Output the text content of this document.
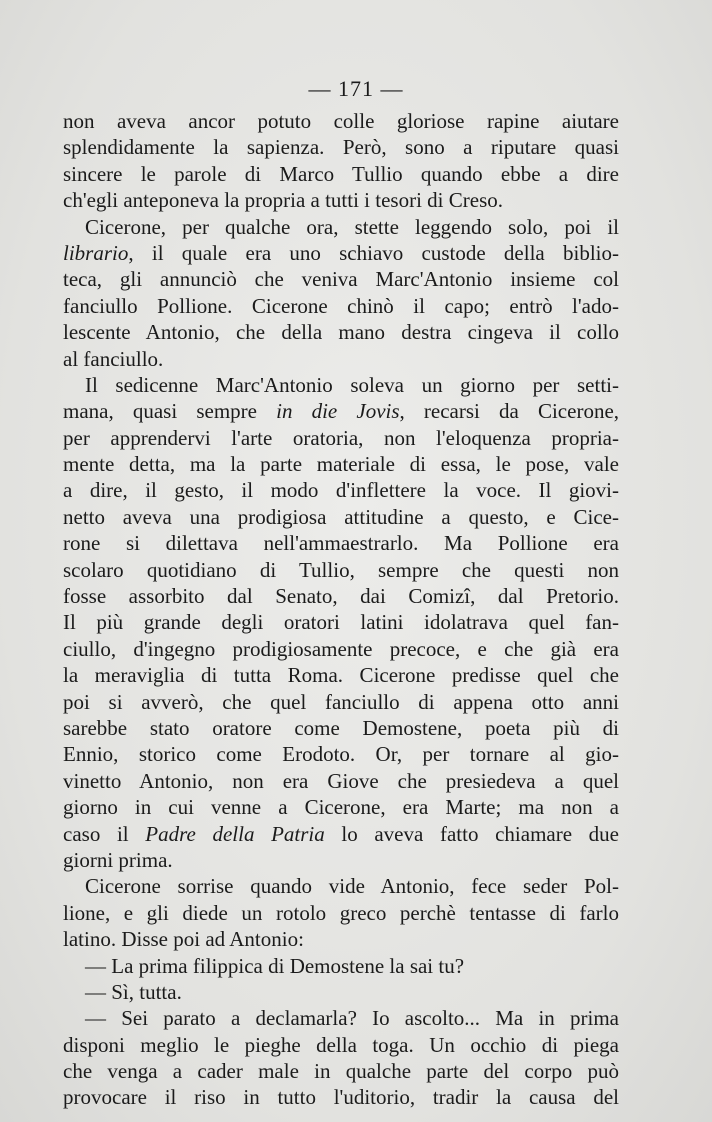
— 171 —
non aveva ancor potuto colle gloriose rapine aiutare
splendidamente la sapienza. Però, sono a riputare quasi
sincere le parole di Marco Tullio quando ebbe a dire
ch'egli anteponeva la propria a tutti i tesori di Creso.
Cicerone, per qualche ora, stette leggendo solo, poi il
librario, il quale era uno schiavo custode della biblio-
teca, gli annunciò che veniva Marc'Antonio insieme col
fanciullo Pollione. Cicerone chinò il capo; entrò l'ado-
lescente Antonio, che della mano destra cingeva il collo
al fanciullo.
Il sedicenne Marc'Antonio soleva un giorno per setti-
mana, quasi sempre in die Jovis, recarsi da Cicerone,
per apprendervi l'arte oratoria, non l'eloquenza propria-
mente detta, ma la parte materiale di essa, le pose, vale
a dire, il gesto, il modo d'inflettere la voce. Il giovi-
netto aveva una prodigiosa attitudine a questo, e Cice-
rone si dilettava nell'ammaestrarlo. Ma Pollione era
scolaro quotidiano di Tullio, sempre che questi non
fosse assorbito dal Senato, dai Comizî, dal Pretorio.
Il più grande degli oratori latini idolatrava quel fan-
ciullo, d'ingegno prodigiosamente precoce, e che già era
la meraviglia di tutta Roma. Cicerone predisse quel che
poi si avverò, che quel fanciullo di appena otto anni
sarebbe stato oratore come Demostene, poeta più di
Ennio, storico come Erodoto. Or, per tornare al gio-
vinetto Antonio, non era Giove che presiedeva a quel
giorno in cui venne a Cicerone, era Marte; ma non a
caso il Padre della Patria lo aveva fatto chiamare due
giorni prima.
Cicerone sorrise quando vide Antonio, fece seder Pol-
lione, e gli diede un rotolo greco perchè tentasse di farlo
latino. Disse poi ad Antonio:
— La prima filippica di Demostene la sai tu?
— Sì, tutta.
— Sei parato a declamarla? Io ascolto... Ma in prima
disponi meglio le pieghe della toga. Un occhio di piega
che venga a cader male in qualche parte del corpo può
provocare il riso in tutto l'uditorio, tradir la causa del
